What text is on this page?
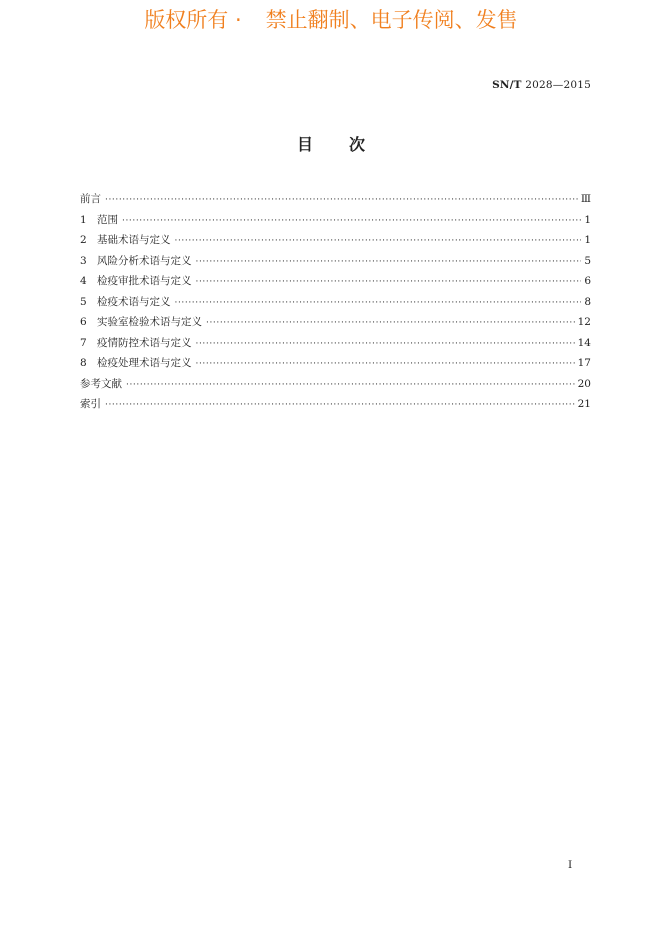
版权所有 · 禁止翻制、电子传阅、发售
SN/T 2028—2015
目次
前言 ·····	Ⅲ
1 范围 ·····	1
2 基础术语与定义 ·····	1
3 风险分析术语与定义 ·····	5
4 检疫审批术语与定义 ·····	6
5 检疫术语与定义 ·····	8
6 实验室检验术语与定义 ·····	12
7 疫情防控术语与定义 ·····	14
8 检疫处理术语与定义 ·····	17
参考文献 ·····	20
索引 ·····	21
I
